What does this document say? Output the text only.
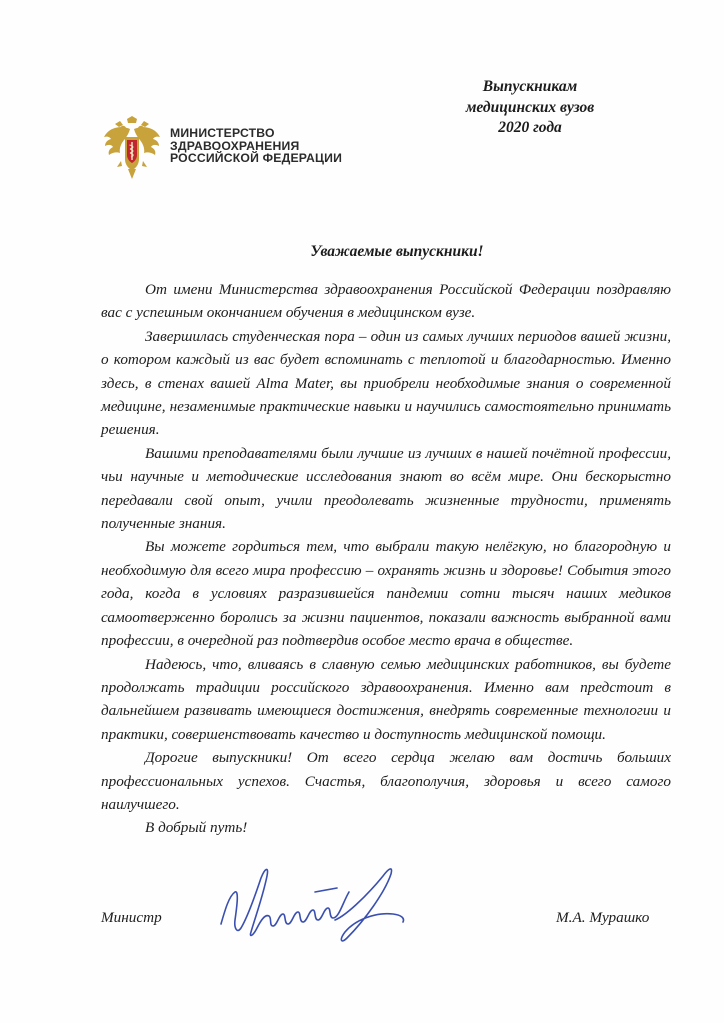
МИНИСТЕРСТВО
ЗДРАВООХРАНЕНИЯ
РОССИЙСКОЙ ФЕДЕРАЦИИ
Выпускникам
медицинских вузов
2020 года
Уважаемые выпускники!

От имени Министерства здравоохранения Российской Федерации поздравляю вас с успешным окончанием обучения в медицинском вузе.

Завершилась студенческая пора – один из самых лучших периодов вашей жизни, о котором каждый из вас будет вспоминать с теплотой и благодарностью. Именно здесь, в стенах вашей Alma Mater, вы приобрели необходимые знания о современной медицине, незаменимые практические навыки и научились самостоятельно принимать решения.

Вашими преподавателями были лучшие из лучших в нашей почётной профессии, чьи научные и методические исследования знают во всём мире. Они бескорыстно передавали свой опыт, учили преодолевать жизненные трудности, применять полученные знания.

Вы можете гордиться тем, что выбрали такую нелёгкую, но благородную и необходимую для всего мира профессию – охранять жизнь и здоровье! События этого года, когда в условиях разразившейся пандемии сотни тысяч наших медиков самоотверженно боролись за жизни пациентов, показали важность выбранной вами профессии, в очередной раз подтвердив особое место врача в обществе.

Надеюсь, что, вливаясь в славную семью медицинских работников, вы будете продолжать традиции российского здравоохранения. Именно вам предстоит в дальнейшем развивать имеющиеся достижения, внедрять современные технологии и практики, совершенствовать качество и доступность медицинской помощи.

Дорогие выпускники! От всего сердца желаю вам достичь больших профессиональных успехов. Счастья, благополучия, здоровья и всего самого наилучшего.

В добрый путь!

Министр	М.А. Мурашко
